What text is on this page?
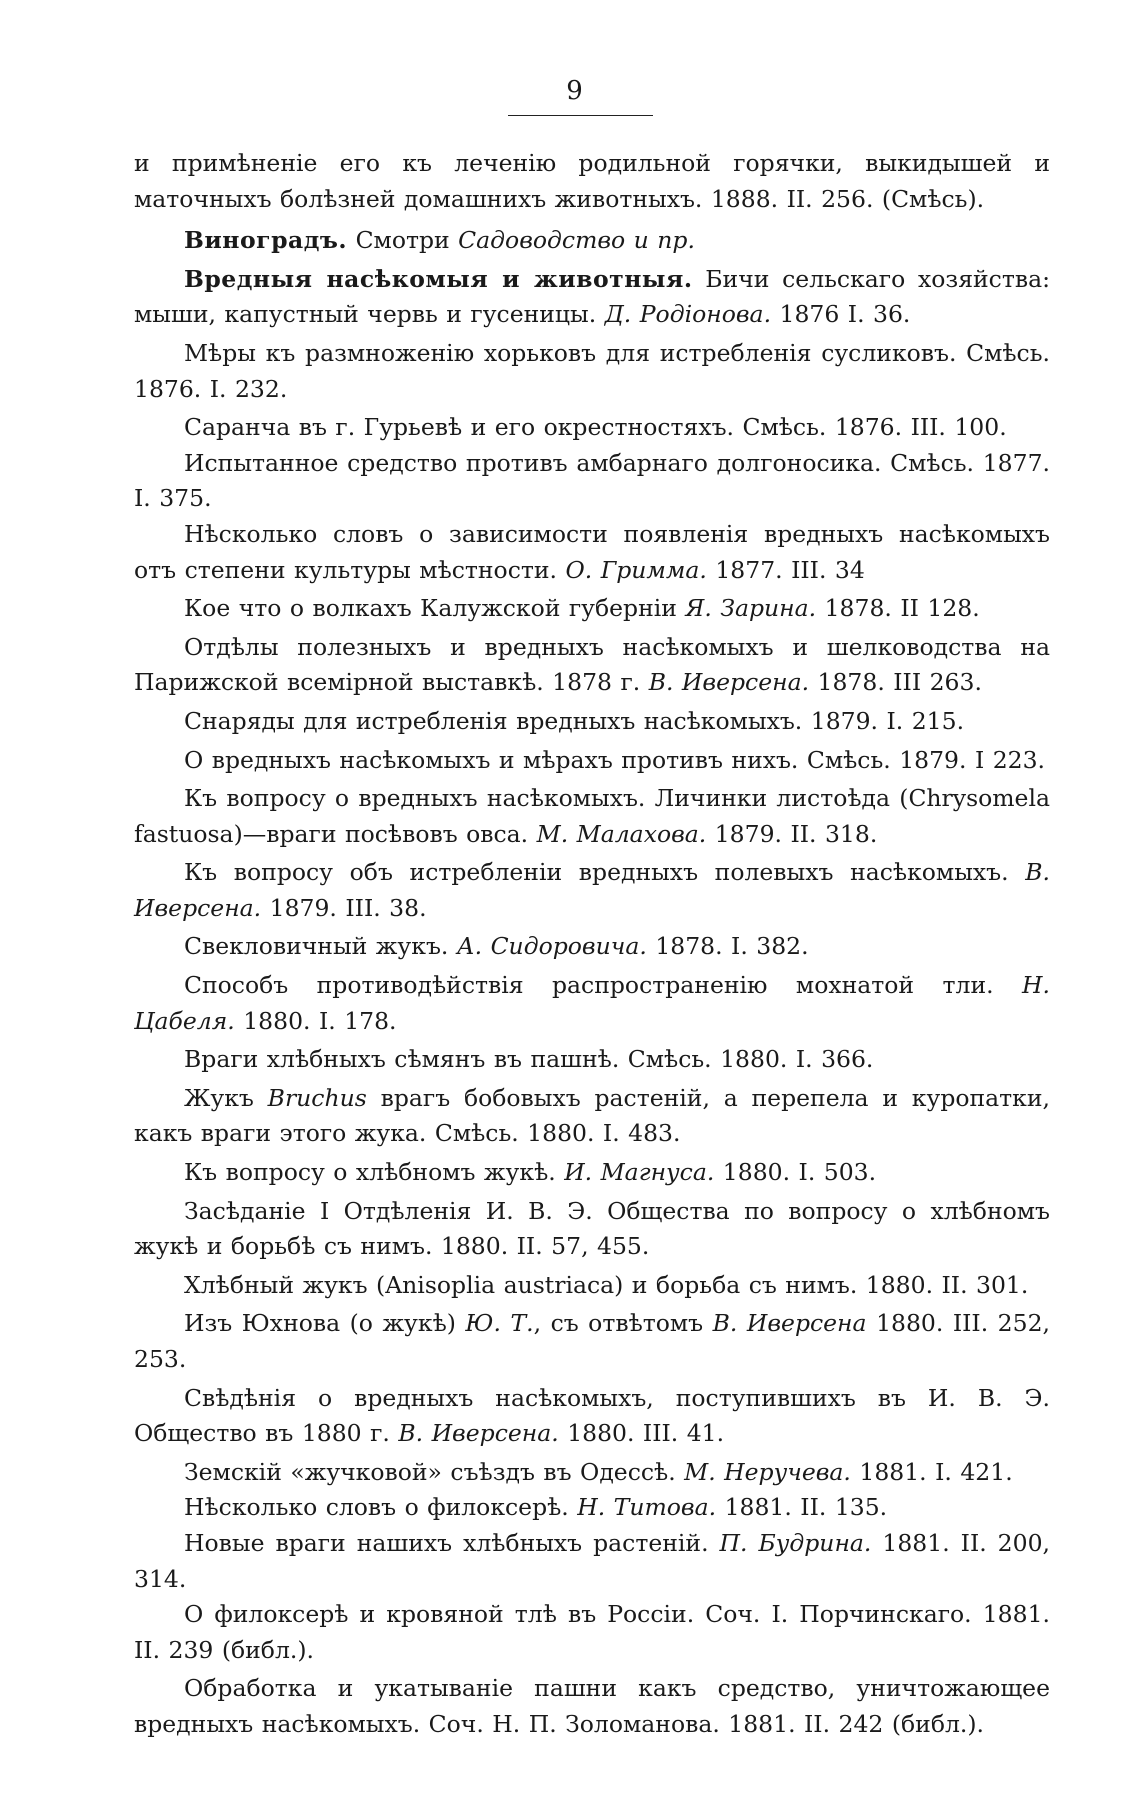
9

и примѣненіе его къ леченію родильной горячки, выкидышей и маточныхъ болѣзней домашнихъ животныхъ. 1888. II. 256. (Смѣсь).

Виноградъ. Смотри Садоводство и пр.

Вредныя насѣкомыя и животныя. Бичи сельскаго хозяйства: мыши, капустный червь и гусеницы. Д. Родіонова. 1876 I. 36.

Мѣры къ размноженію хорьковъ для истребленія сусликовъ. Смѣсь. 1876. I. 232.

Саранча въ г. Гурьевѣ и его окрестностяхъ. Смѣсь. 1876. III. 100.

Испытанное средство противъ амбарнаго долгоносика. Смѣсь. 1877. I. 375.

Нѣсколько словъ о зависимости появленія вредныхъ насѣкомыхъ отъ степени культуры мѣстности. О. Гримма. 1877. III. 34

Кое что о волкахъ Калужской губерніи Я. Зарина. 1878. II 128.

Отдѣлы полезныхъ и вредныхъ насѣкомыхъ и шелководства на Парижской всемірной выставкѣ. 1878 г. В. Иверсена. 1878. III 263.

Снаряды для истребленія вредныхъ насѣкомыхъ. 1879. I. 215.

О вредныхъ насѣкомыхъ и мѣрахъ противъ нихъ. Смѣсь. 1879. I 223.

Къ вопросу о вредныхъ насѣкомыхъ. Личинки листоѣда (Chrysomela fastuosa)—враги посѣвовъ овса. М. Малахова. 1879. II. 318.

Къ вопросу объ истребленіи вредныхъ полевыхъ насѣкомыхъ. В. Иверсена. 1879. III. 38.

Свекловичный жукъ. А. Сидоровича. 1878. I. 382.

Способъ противодѣйствія распространенію мохнатой тли. Н. Цабеля. 1880. I. 178.

Враги хлѣбныхъ сѣмянъ въ пашнѣ. Смѣсь. 1880. I. 366.

Жукъ Bruchus врагъ бобовыхъ растеній, а перепела и куропатки, какъ враги этого жука. Смѣсь. 1880. I. 483.

Къ вопросу о хлѣбномъ жукѣ. И. Магнуса. 1880. I. 503.

Засѣданіе I Отдѣленія И. В. Э. Общества по вопросу о хлѣбномъ жукѣ и борьбѣ съ нимъ. 1880. II. 57, 455.

Хлѣбный жукъ (Anisoplia austriaca) и борьба съ нимъ. 1880. II. 301.

Изъ Юхнова (о жукѣ) Ю. Т., съ отвѣтомъ В. Иверсена 1880. III. 252, 253.

Свѣдѣнія о вредныхъ насѣкомыхъ, поступившихъ въ И. В. Э. Общество въ 1880 г. В. Иверсена. 1880. III. 41.

Земскій «жучковой» съѣздъ въ Одессѣ. М. Неручева. 1881. I. 421.

Нѣсколько словъ о филоксерѣ. Н. Титова. 1881. II. 135.

Новые враги нашихъ хлѣбныхъ растеній. П. Будрина. 1881. II. 200, 314.

О филоксерѣ и кровяной тлѣ въ Россіи. Соч. I. Порчинскаго. 1881. II. 239 (библ.).

Обработка и укатываніе пашни какъ средство, уничтожающее вредныхъ насѣкомыхъ. Соч. Н. П. Золоманова. 1881. II. 242 (библ.).
